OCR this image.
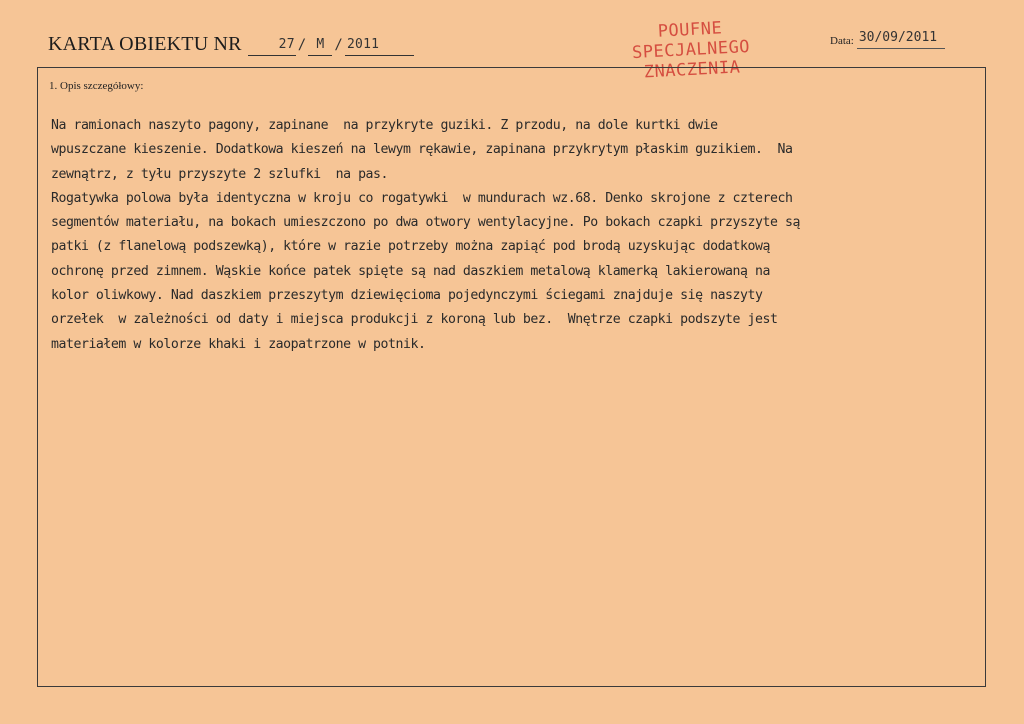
KARTA OBIEKTU NR	27 / M / 2011
POUFNE
SPECJALNEGO
ZNACZENIA
Data: 30/09/2011
1. Opis szczegółowy:
Na ramionach naszyto pagony, zapinane  na przykryte guziki. Z przodu, na dole kurtki dwie
wpuszczane kieszenie. Dodatkowa kieszeń na lewym rękawie, zapinana przykrytym płaskim guzikiem.  Na
zewnątrz, z tyłu przyszyte 2 szlufki  na pas.
Rogatywka polowa była identyczna w kroju co rogatywki  w mundurach wz.68. Denko skrojone z czterech
segmentów materiału, na bokach umieszczono po dwa otwory wentylacyjne. Po bokach czapki przyszyte są
patki (z flanelową podszewką), które w razie potrzeby można zapiąć pod brodą uzyskując dodatkową
ochronę przed zimnem. Wąskie końce patek spięte są nad daszkiem metalową klamerką lakierowaną na
kolor oliwkowy. Nad daszkiem przeszytym dziewięcioma pojedynczymi ściegami znajduje się naszyty
orzełek  w zależności od daty i miejsca produkcji z koroną lub bez.  Wnętrze czapki podszyte jest
materiałem w kolorze khaki i zaopatrzone w potnik.
